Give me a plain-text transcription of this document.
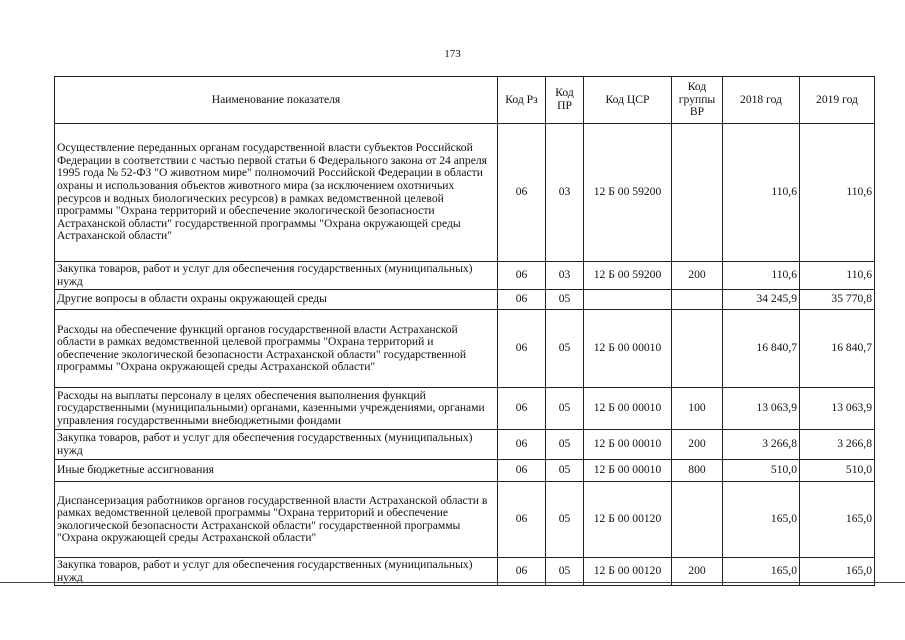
173
Наименование показателя	Код Рз	Код ПР	Код ЦСР	Код группы ВР	2018 год	2019 год
Осуществление переданных органам государственной власти субъектов Российской Федерации в соответствии с частью первой статьи 6 Федерального закона от 24 апреля 1995 года № 52-ФЗ "О животном мире" полномочий Российской Федерации в области охраны и использования объектов животного мира (за исключением охотничьих ресурсов и водных биологических ресурсов) в рамках ведомственной целевой программы "Охрана территорий и обеспечение экологической безопасности Астраханской области" государственной программы "Охрана окружающей среды Астраханской области"	06	03	12 Б 00 59200		110,6	110,6
Закупка товаров, работ и услуг для обеспечения государственных (муниципальных) нужд	06	03	12 Б 00 59200	200	110,6	110,6
Другие вопросы в области охраны окружающей среды	06	05			34 245,9	35 770,8
Расходы на обеспечение функций органов государственной власти Астраханской области в рамках ведомственной целевой программы "Охрана территорий и обеспечение экологической безопасности Астраханской области" государственной программы "Охрана окружающей среды Астраханской области"	06	05	12 Б 00 00010		16 840,7	16 840,7
Расходы на выплаты персоналу в целях обеспечения выполнения функций государственными (муниципальными) органами, казенными учреждениями, органами управления государственными внебюджетными фондами	06	05	12 Б 00 00010	100	13 063,9	13 063,9
Закупка товаров, работ и услуг для обеспечения государственных (муниципальных) нужд	06	05	12 Б 00 00010	200	3 266,8	3 266,8
Иные бюджетные ассигнования	06	05	12 Б 00 00010	800	510,0	510,0
Диспансеризация работников органов государственной власти Астраханской области в рамках ведомственной целевой программы "Охрана территорий и обеспечение экологической безопасности Астраханской области" государственной программы "Охрана окружающей среды Астраханской области"	06	05	12 Б 00 00120		165,0	165,0
Закупка товаров, работ и услуг для обеспечения государственных (муниципальных) нужд	06	05	12 Б 00 00120	200	165,0	165,0
